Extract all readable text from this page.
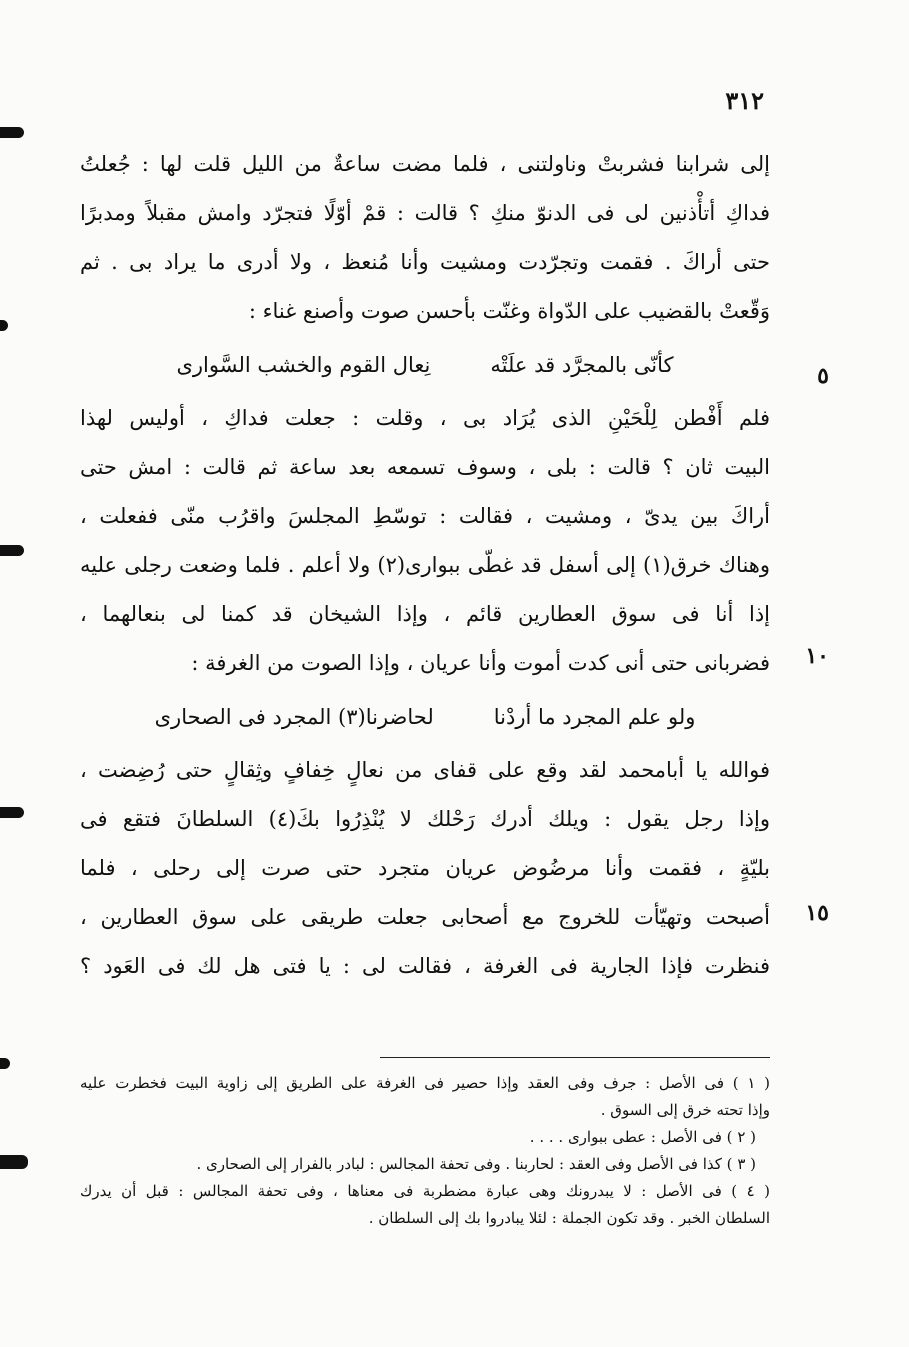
٣١٢
٥
١٠
١٥
إلى شرابنا فشربتْ وناولتنى ، فلما مضت ساعةٌ من الليل قلت لها : جُعلتُ
فداكِ أتأْذنين لى فى الدنوّ منكِ ؟ قالت : قمْ أوّلًا فتجرّد وامش مقبلاً ومدبرًا
حتى أراكَ . فقمت وتجرّدت ومشيت وأنا مُنعظ ، ولا أدرى ما يراد بى . ثم
وَقّعتْ بالقضيب على الدّواة وغنّت بأحسن صوت وأصنع غناء :
كأنّى بالمجرَّد قد علَتْه
نِعال القوم والخشب السَّوارى
فلم أَفْطن لِلْحَيْنِ الذى يُرَاد بى ، وقلت : جعلت فداكِ ، أوليس لهذا
البيت ثان ؟ قالت : بلى ، وسوف تسمعه بعد ساعة ثم قالت : امش حتى
أراكَ بين يدىّ ، ومشيت ، فقالت : توسّطِ المجلسَ واقرُب منّى ففعلت ،
وهناك خرق(١) إلى أسفل قد غطّى ببوارى(٢) ولا أعلم . فلما وضعت رجلى عليه
إذا أنا فى سوق العطارين قائم ، وإذا الشيخان قد كمنا لى بنعالهما ،
فضربانى حتى أنى كدت أموت وأنا عريان ، وإذا الصوت من الغرفة :
ولو علم المجرد ما أردْنا
لحاضرنا(٣) المجرد فى الصحارى
فوالله يا أبامحمد لقد وقع على قفاى من نعالٍ خِفافٍ وثِقالٍ حتى رُضِضت ،
وإذا رجل يقول : ويلك أدرك رَحْلك لا يُنْذِرُوا بكَ(٤) السلطانَ فتقع فى
بليّةٍ ، فقمت وأنا مرضُوض عريان متجرد حتى صرت إلى رحلى ، فلما
أصبحت وتهيّأت للخروج مع أصحابى جعلت طريقى على سوق العطارين ،
فنظرت فإذا الجارية فى الغرفة ، فقالت لى : يا فتى هل لك فى العَود ؟
( ١ ) فى الأصل : جرف وفى العقد وإذا حصير فى الغرفة على الطريق إلى زاوية البيت فخطرت عليه
وإذا تحته خرق إلى السوق .
( ٢ ) فى الأصل : عطى ببوارى . . . .
( ٣ ) كذا فى الأصل وفى العقد : لحاربنا . وفى تحفة المجالس : لبادر بالفرار إلى الصحارى .
( ٤ ) فى الأصل : لا يبدرونك وهى عبارة مضطربة فى معناها ، وفى تحفة المجالس : قبل أن يدرك
السلطان الخبر . وقد تكون الجملة : لئلا يبادروا بك إلى السلطان .
